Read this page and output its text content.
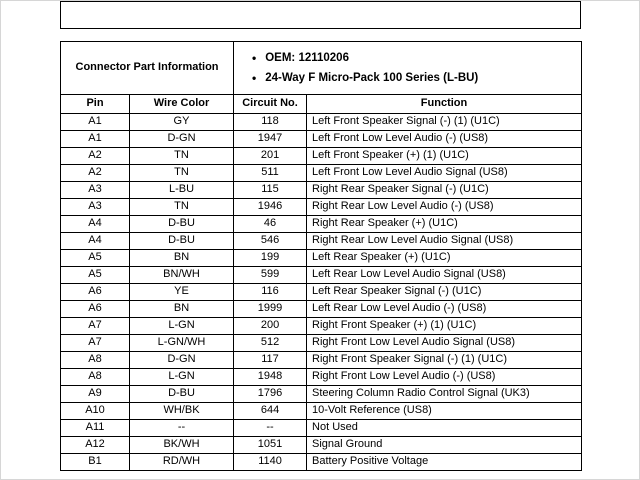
Connector Part Information		• OEM: 12110206
• 24-Way F Micro-Pack 100 Series (L-BU)	

Pin	Wire Color	Circuit No.	Function
A1	GY	118	Left Front Speaker Signal (-) (1) (U1C)
A1	D-GN	1947	Left Front Low Level Audio (-) (US8)
A2	TN	201	Left Front Speaker (+) (1) (U1C)
A2	TN	511	Left Front Low Level Audio Signal (US8)
A3	L-BU	115	Right Rear Speaker Signal (-) (U1C)
A3	TN	1946	Right Rear Low Level Audio (-) (US8)
A4	D-BU	46	Right Rear Speaker (+) (U1C)
A4	D-BU	546	Right Rear Low Level Audio Signal (US8)
A5	BN	199	Left Rear Speaker (+) (U1C)
A5	BN/WH	599	Left Rear Low Level Audio Signal (US8)
A6	YE	116	Left Rear Speaker Signal (-) (U1C)
A6	BN	1999	Left Rear Low Level Audio (-) (US8)
A7	L-GN	200	Right Front Speaker (+) (1) (U1C)
A7	L-GN/WH	512	Right Front Low Level Audio Signal (US8)
A8	D-GN	117	Right Front Speaker Signal (-) (1) (U1C)
A8	L-GN	1948	Right Front Low Level Audio (-) (US8)
A9	D-BU	1796	Steering Column Radio Control Signal (UK3)
A10	WH/BK	644	10-Volt Reference (US8)
A11	--	--	Not Used
A12	BK/WH	1051	Signal Ground
B1	RD/WH	1140	Battery Positive Voltage
